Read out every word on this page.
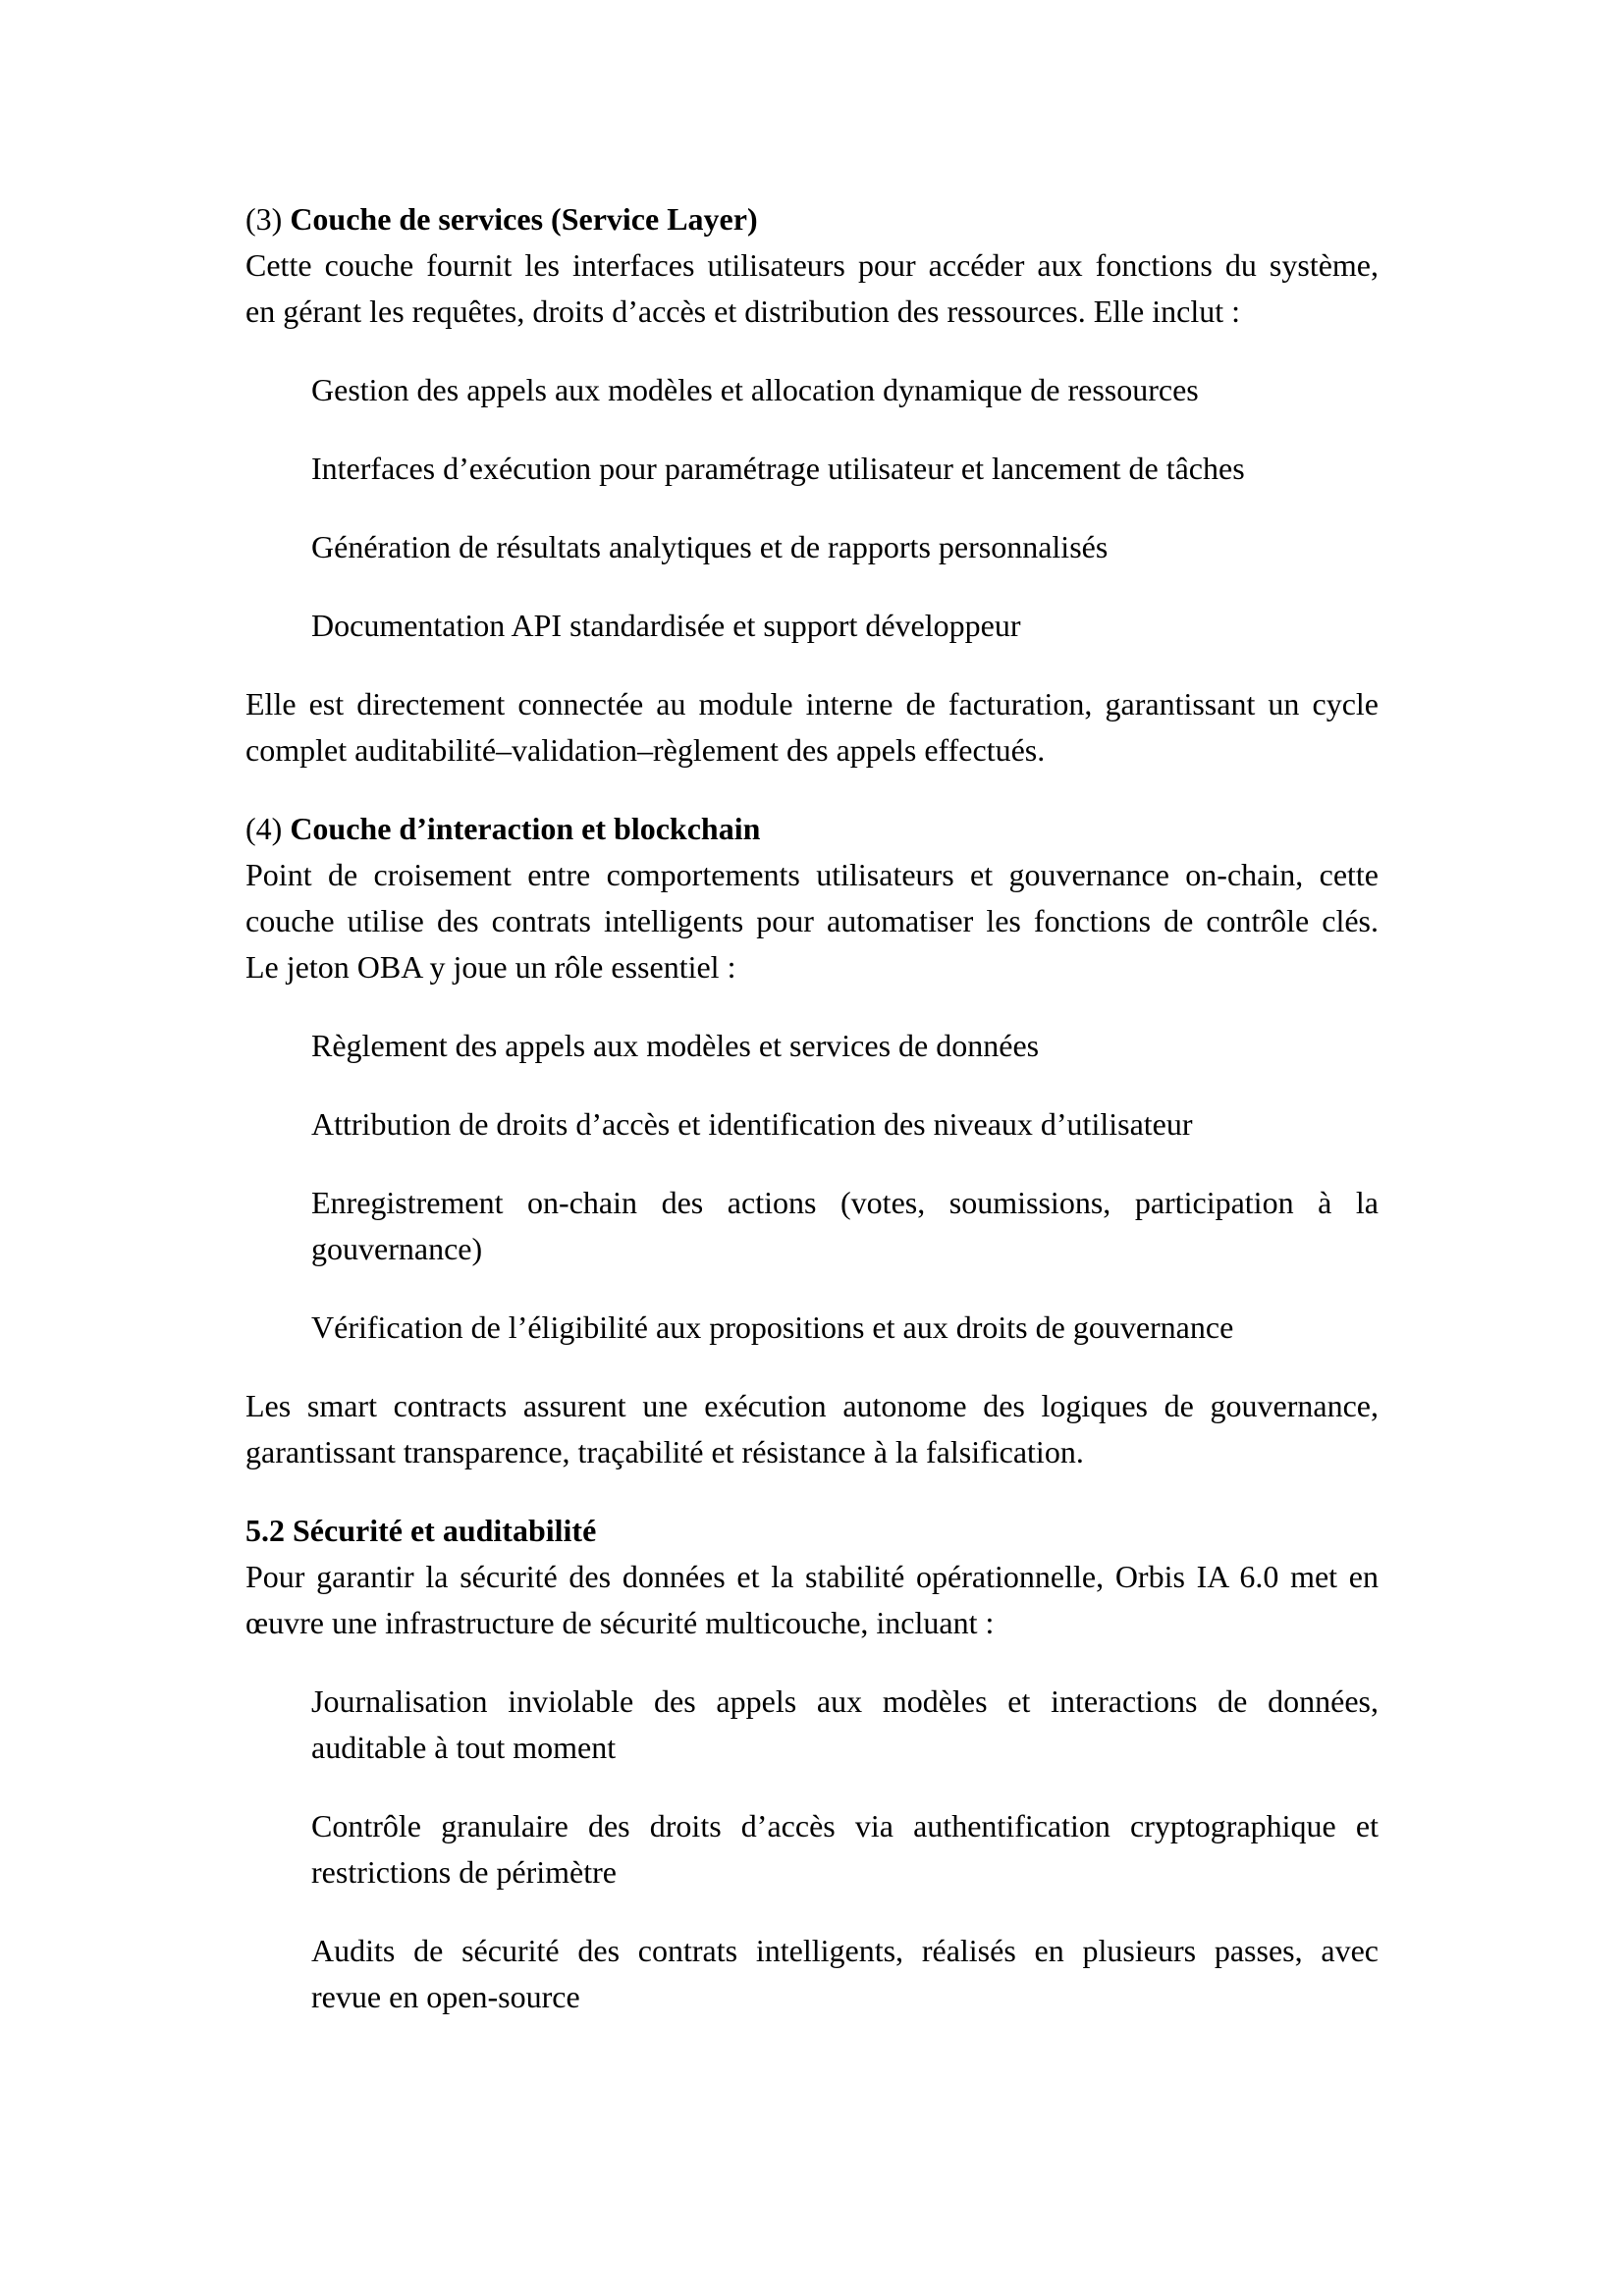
(3) Couche de services (Service Layer)
Cette couche fournit les interfaces utilisateurs pour accéder aux fonctions du système,
en gérant les requêtes, droits d’accès et distribution des ressources. Elle inclut :
Gestion des appels aux modèles et allocation dynamique de ressources
Interfaces d’exécution pour paramétrage utilisateur et lancement de tâches
Génération de résultats analytiques et de rapports personnalisés
Documentation API standardisée et support développeur
Elle est directement connectée au module interne de facturation, garantissant un cycle
complet auditabilité–validation–règlement des appels effectués.
(4) Couche d’interaction et blockchain
Point de croisement entre comportements utilisateurs et gouvernance on-chain, cette
couche utilise des contrats intelligents pour automatiser les fonctions de contrôle clés.
Le jeton OBA y joue un rôle essentiel :
Règlement des appels aux modèles et services de données
Attribution de droits d’accès et identification des niveaux d’utilisateur
Enregistrement on-chain des actions (votes, soumissions, participation à la
gouvernance)
Vérification de l’éligibilité aux propositions et aux droits de gouvernance
Les smart contracts assurent une exécution autonome des logiques de gouvernance,
garantissant transparence, traçabilité et résistance à la falsification.
5.2 Sécurité et auditabilité
Pour garantir la sécurité des données et la stabilité opérationnelle, Orbis IA 6.0 met en
œuvre une infrastructure de sécurité multicouche, incluant :
Journalisation inviolable des appels aux modèles et interactions de données,
auditable à tout moment
Contrôle granulaire des droits d’accès via authentification cryptographique et
restrictions de périmètre
Audits de sécurité des contrats intelligents, réalisés en plusieurs passes, avec
revue en open-source
